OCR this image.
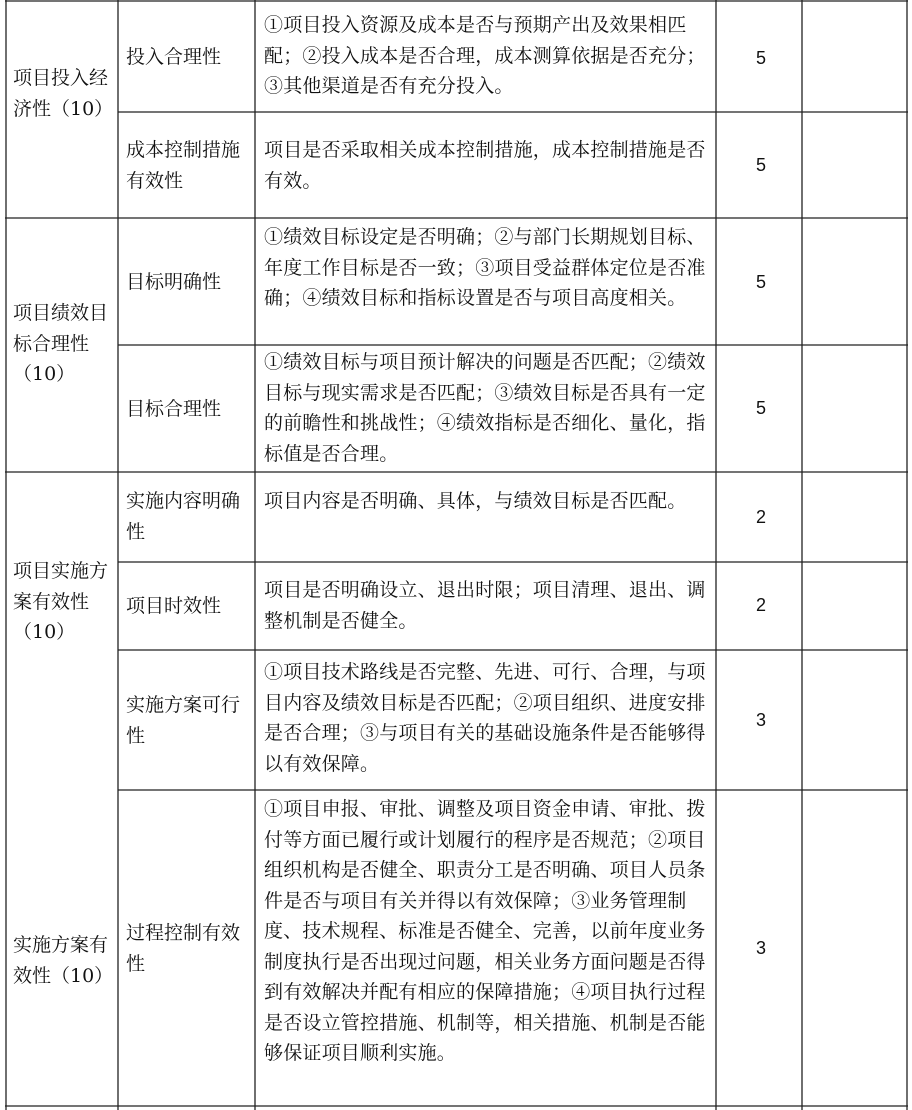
项目投入经济性（10）
投入合理性
①项目投入资源及成本是否与预期产出及效果相匹配；②投入成本是否合理，成本测算依据是否充分；③其他渠道是否有充分投入。
5
成本控制措施有效性
项目是否采取相关成本控制措施，成本控制措施是否有效。
5
项目绩效目标合理性（10）
目标明确性
①绩效目标设定是否明确；②与部门长期规划目标、年度工作目标是否一致；③项目受益群体定位是否准确；④绩效目标和指标设置是否与项目高度相关。
5
目标合理性
①绩效目标与项目预计解决的问题是否匹配；②绩效目标与现实需求是否匹配；③绩效目标是否具有一定的前瞻性和挑战性；④绩效指标是否细化、量化，指标值是否合理。
5
项目实施方案有效性（10）
实施内容明确性
项目内容是否明确、具体，与绩效目标是否匹配。
2
项目时效性
项目是否明确设立、退出时限；项目清理、退出、调整机制是否健全。
2
实施方案可行性
①项目技术路线是否完整、先进、可行、合理，与项目内容及绩效目标是否匹配；②项目组织、进度安排是否合理；③与项目有关的基础设施条件是否能够得以有效保障。
3
实施方案有效性（10）
过程控制有效性
①项目申报、审批、调整及项目资金申请、审批、拨付等方面已履行或计划履行的程序是否规范；②项目组织机构是否健全、职责分工是否明确、项目人员条件是否与项目有关并得以有效保障；③业务管理制度、技术规程、标准是否健全、完善，以前年度业务制度执行是否出现过问题，相关业务方面问题是否得到有效解决并配有相应的保障措施；④项目执行过程是否设立管控措施、机制等，相关措施、机制是否能够保证项目顺利实施。
3
